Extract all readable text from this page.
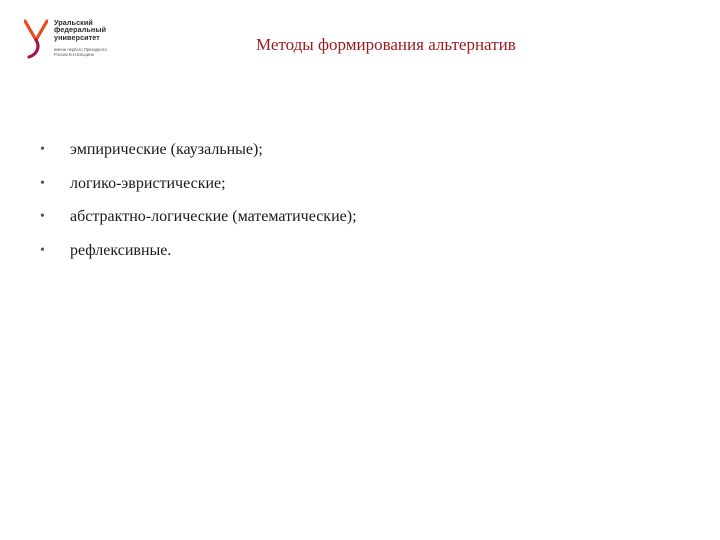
Уральский
федеральный
университет
имени первого Президента
России Б.Н.Ельцина
Методы формирования альтернатив
• эмпирические (каузальные);
• логико-эвристические;
• абстрактно-логические (математические);
• рефлексивные.
